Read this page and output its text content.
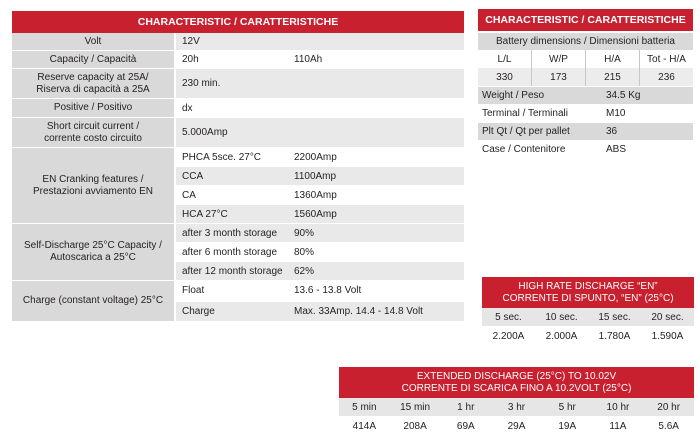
CHARACTERISTIC / CARATTERISTICHE
Volt	12V
Capacity / Capacità	20h	110Ah
Reserve capacity at 25A/
Riserva di capacità a 25A	230 min.
Positive / Positivo	dx
Short circuit current /
corrente costo circuito	5.000Amp
EN Cranking features /
Prestazioni avviamento EN
PHCA 5sce. 27°C	2200Amp
CCA	1100Amp
CA	1360Amp
HCA 27°C	1560Amp
Self-Discharge 25°C Capacity /
Autoscarica a 25°C
after 3 month storage	90%
after 6 month storage	80%
after 12 month storage	62%
Charge (constant voltage) 25°C
Float	13.6 - 13.8 Volt
Charge	Max. 33Amp. 14.4 - 14.8 Volt
CHARACTERISTIC / CARATTERISTICHE
Battery dimensions / Dimensioni batteria
L/L	W/P	H/A	Tot - H/A
330	173	215	236
Weight / Peso	34.5 Kg
Terminal / Terminali	M10
Plt Qt / Qt per pallet	36
Case / Contenitore	ABS
HIGH RATE DISCHARGE “EN”
CORRENTE DI SPUNTO, “EN” (25°C)
5 sec.	10 sec.	15 sec.	20 sec.
2.200A	2.000A	1.780A	1.590A
EXTENDED DISCHARGE (25°C) TO 10.02V
CORRENTE DI SCARICA FINO A 10.2VOLT (25°C)
5 min	15 min	1 hr	3 hr	5 hr	10 hr	20 hr
414A	208A	69A	29A	19A	11A	5.6A
